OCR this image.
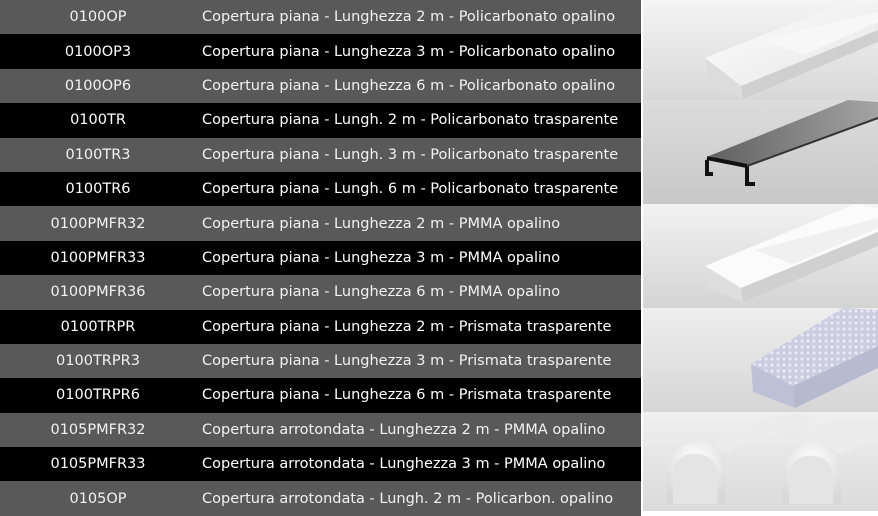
0100OP	Copertura piana - Lunghezza 2 m - Policarbonato opalino
0100OP3	Copertura piana - Lunghezza 3 m - Policarbonato opalino
0100OP6	Copertura piana - Lunghezza 6 m - Policarbonato opalino
0100TR	Copertura piana - Lungh. 2 m - Policarbonato trasparente
0100TR3	Copertura piana - Lungh. 3 m - Policarbonato trasparente
0100TR6	Copertura piana - Lungh. 6 m - Policarbonato trasparente
0100PMFR32	Copertura piana - Lunghezza 2 m - PMMA opalino
0100PMFR33	Copertura piana - Lunghezza 3 m - PMMA opalino
0100PMFR36	Copertura piana - Lunghezza 6 m - PMMA opalino
0100TRPR	Copertura piana - Lunghezza 2 m - Prismata trasparente
0100TRPR3	Copertura piana - Lunghezza 3 m - Prismata trasparente
0100TRPR6	Copertura piana - Lunghezza 6 m - Prismata trasparente
0105PMFR32	Copertura arrotondata - Lunghezza 2 m - PMMA opalino
0105PMFR33	Copertura arrotondata - Lunghezza 3 m - PMMA opalino
0105OP	Copertura arrotondata - Lungh. 2 m - Policarbon. opalino
